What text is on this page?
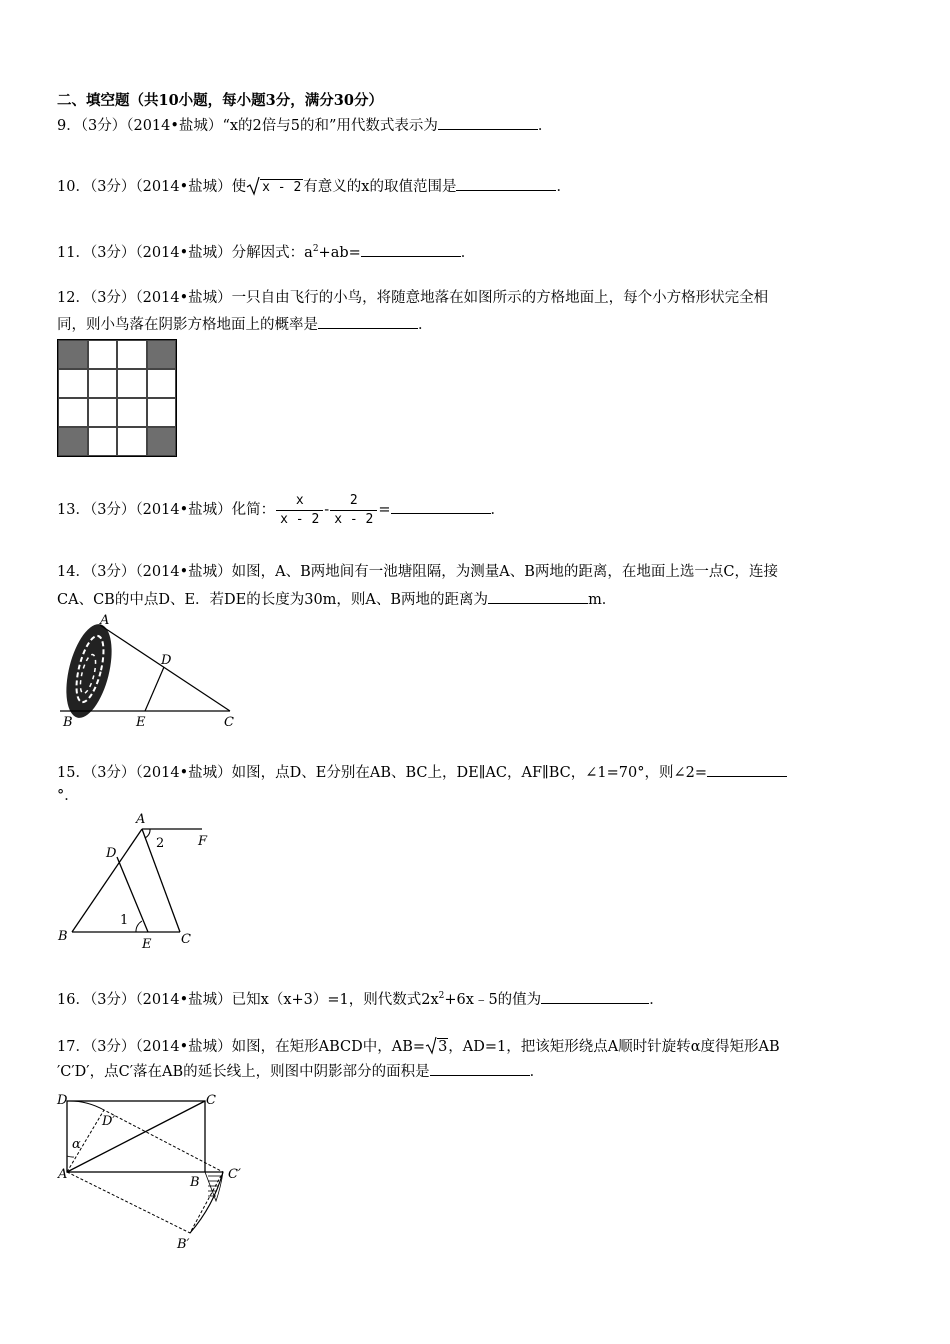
二、填空题（共10小题，每小题3分，满分30分）
9．（3分）（2014•盐城）“x的2倍与5的和”用代数式表示为	．
10．（3分）（2014•盐城）使 x - 2 有意义的x的取值范围是	．
11．（3分）（2014•盐城）分解因式：$a^2+ab=$	．
12．（3分）（2014•盐城）一只自由飞行的小鸟，将随意地落在如图所示的方格地面上，每个小方格形状完全相
同，则小鸟落在阴影方格地面上的概率是	．
13．（3分）（2014•盐城）化简： $\frac{x}{x - 2} - \frac{2}{x - 2}$ =	．
14．（3分）（2014•盐城）如图，A、B两地间有一池塘阻隔，为测量A、B两地的距离，在地面上选一点C，连接
CA、CB的中点D、E．若DE的长度为30m，则A、B两地的距离为	m．
A
B	C
D
E
15．（3分）（2014•盐城）如图，点D、E分别在AB、BC上，DE∥AC，AF∥BC，∠1=70°，则∠2=
°．
A
B	C
D
E
F
1
2
16．（3分）（2014•盐城）已知x（x+3）=1，则代数式$2x^2+6x﹣5$的值为	．
17．（3分）（2014•盐城）如图，在矩形ABCD中，AB= 3，AD=1，把该矩形绕点A顺时针旋转α度得矩形AB
′C′D′，点C′落在AB的延长线上，则图中阴影部分的面积是	．
A
B
C
D
D′
B′
C′
α
